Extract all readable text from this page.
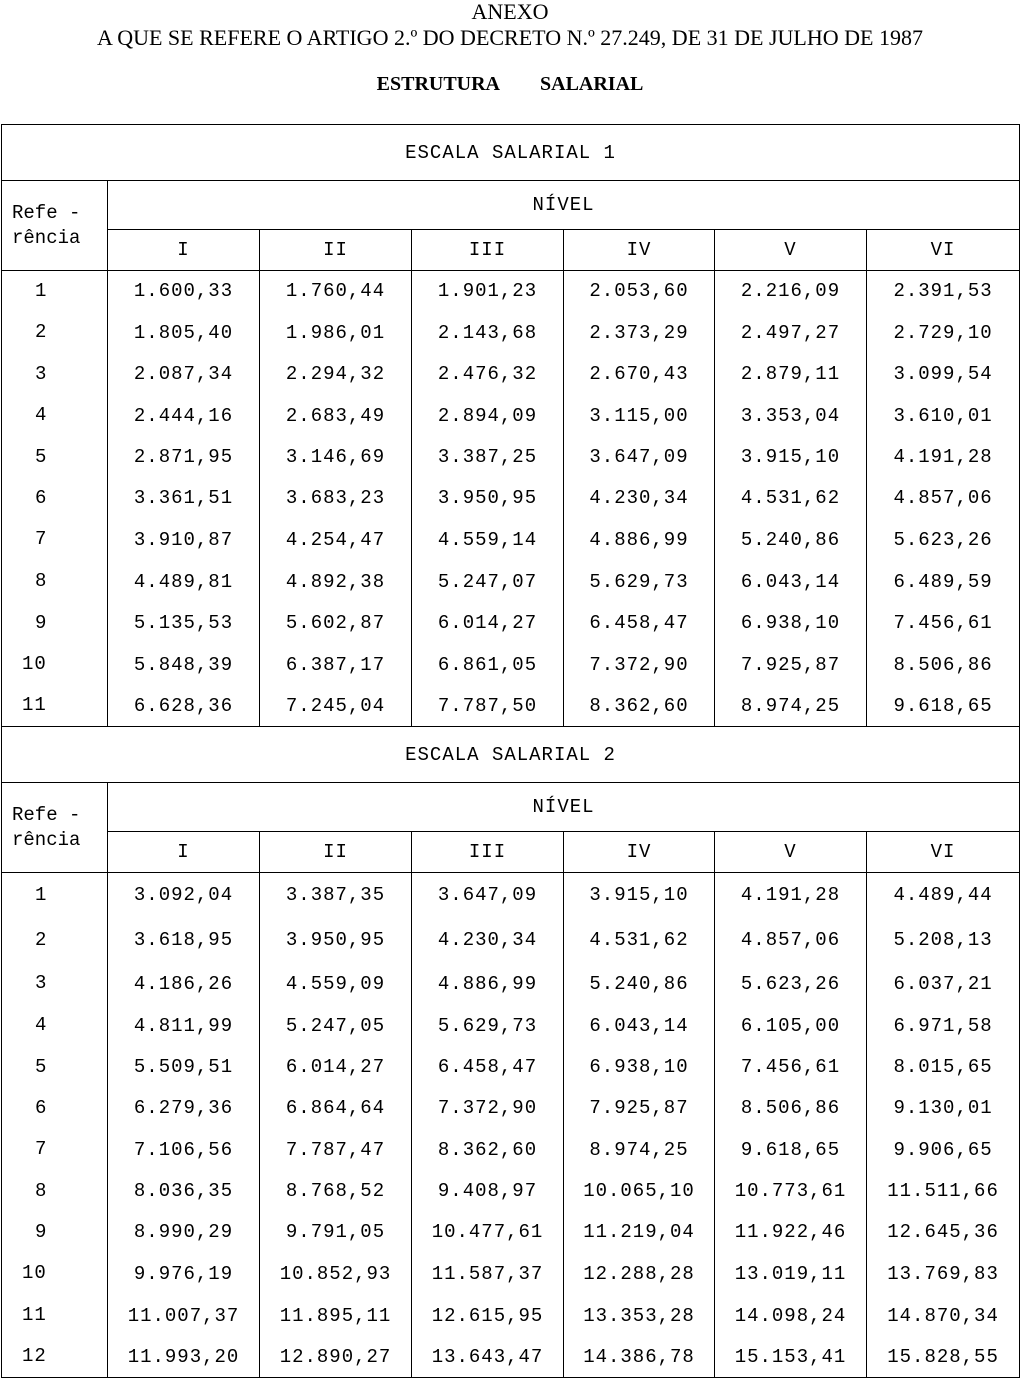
ANEXO
A QUE SE REFERE O ARTIGO 2.º DO DECRETO N.º 27.249, DE 31 DE JULHO DE 1987
ESTRUTURA SALARIAL
ESCALA SALARIAL 1						

Refe -
rência	NÍVEL					
	I	II	III	IV	V	VI
1	1.600,33	1.760,44	1.901,23	2.053,60	2.216,09	2.391,53
2	1.805,40	1.986,01	2.143,68	2.373,29	2.497,27	2.729,10
3	2.087,34	2.294,32	2.476,32	2.670,43	2.879,11	3.099,54
4	2.444,16	2.683,49	2.894,09	3.115,00	3.353,04	3.610,01
5	2.871,95	3.146,69	3.387,25	3.647,09	3.915,10	4.191,28
6	3.361,51	3.683,23	3.950,95	4.230,34	4.531,62	4.857,06
7	3.910,87	4.254,47	4.559,14	4.886,99	5.240,86	5.623,26
8	4.489,81	4.892,38	5.247,07	5.629,73	6.043,14	6.489,59
9	5.135,53	5.602,87	6.014,27	6.458,47	6.938,10	7.456,61
10	5.848,39	6.387,17	6.861,05	7.372,90	7.925,87	8.506,86
11	6.628,36	7.245,04	7.787,50	8.362,60	8.974,25	9.618,65
ESCALA SALARIAL 2						

Refe -
rência	NÍVEL					
	I	II	III	IV	V	VI
1	3.092,04	3.387,35	3.647,09	3.915,10	4.191,28	4.489,44
2	3.618,95	3.950,95	4.230,34	4.531,62	4.857,06	5.208,13
3	4.186,26	4.559,09	4.886,99	5.240,86	5.623,26	6.037,21
4	4.811,99	5.247,05	5.629,73	6.043,14	6.105,00	6.971,58
5	5.509,51	6.014,27	6.458,47	6.938,10	7.456,61	8.015,65
6	6.279,36	6.864,64	7.372,90	7.925,87	8.506,86	9.130,01
7	7.106,56	7.787,47	8.362,60	8.974,25	9.618,65	9.906,65
8	8.036,35	8.768,52	9.408,97	10.065,10	10.773,61	11.511,66
9	8.990,29	9.791,05	10.477,61	11.219,04	11.922,46	12.645,36
10	9.976,19	10.852,93	11.587,37	12.288,28	13.019,11	13.769,83
11	11.007,37	11.895,11	12.615,95	13.353,28	14.098,24	14.870,34
12	11.993,20	12.890,27	13.643,47	14.386,78	15.153,41	15.828,55
